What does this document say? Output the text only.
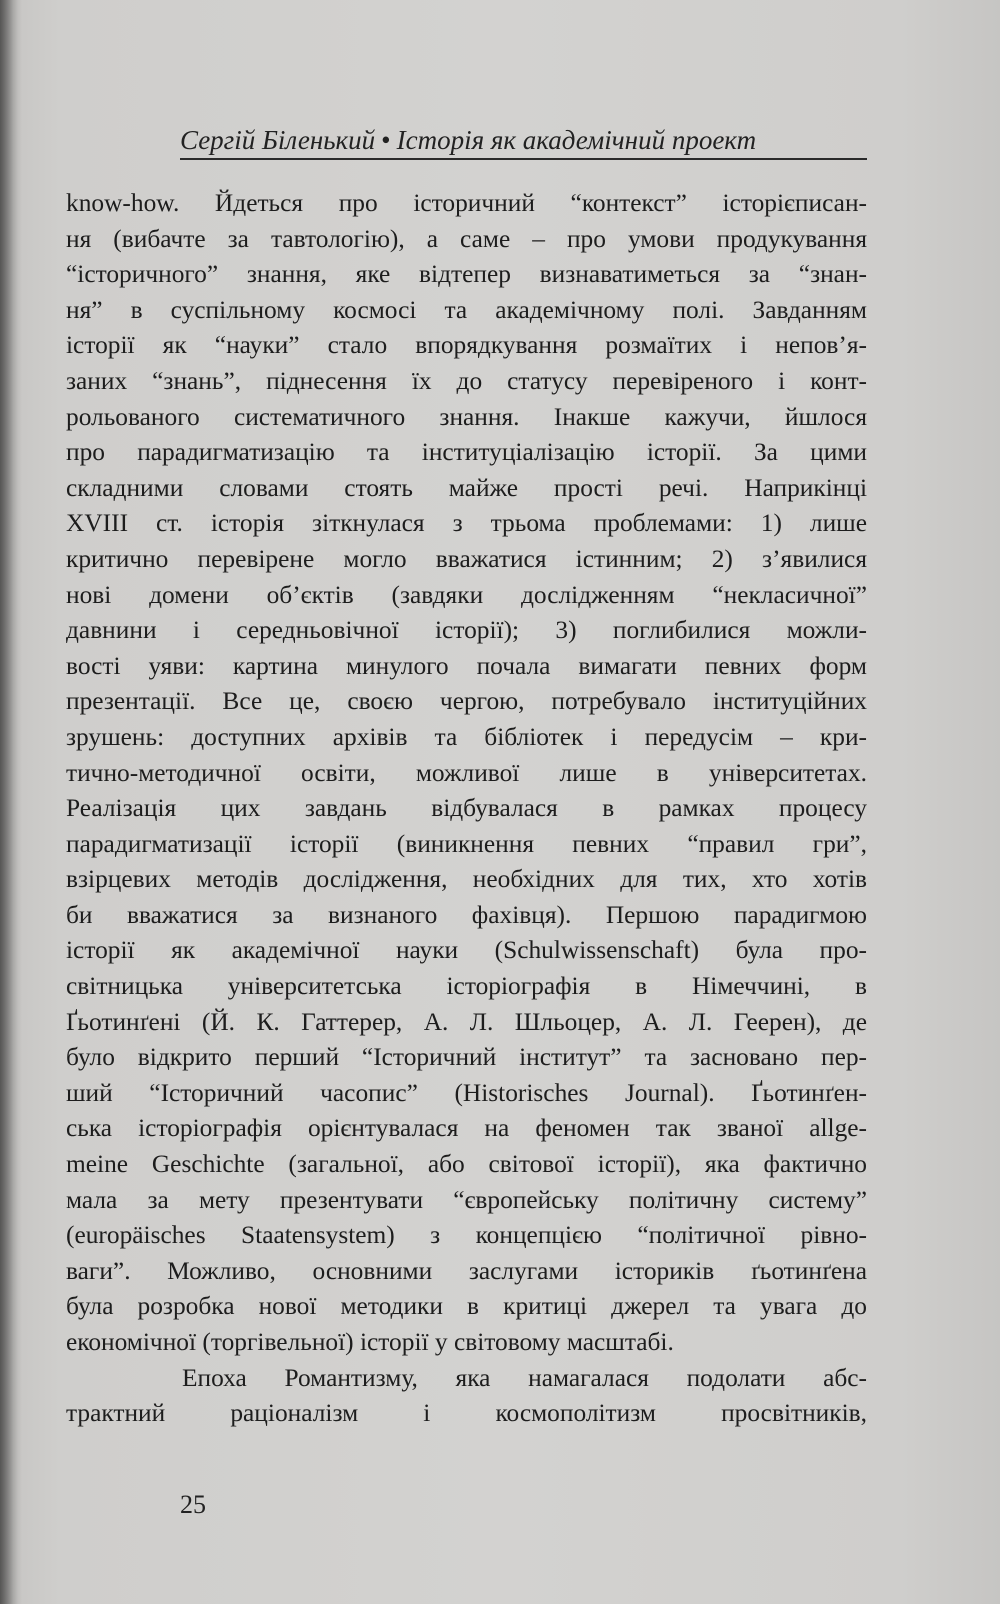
Сергій Біленький • Історія як академічний проект
know-how. Йдеться про історичний “контекст” історієписан-
ня (вибачте за тавтологію), а саме – про умови продукування
“історичного” знання, яке відтепер визнаватиметься за “знан-
ня” в суспільному космосі та академічному полі. Завданням
історії як “науки” стало впорядкування розмаїтих і непов’я-
заних “знань”, піднесення їх до статусу перевіреного і конт-
рольованого систематичного знання. Інакше кажучи, йшлося
про парадигматизацію та інституціалізацію історії. За цими
складними словами стоять майже прості речі. Наприкінці
XVIII ст. історія зіткнулася з трьома проблемами: 1) лише
критично перевірене могло вважатися істинним; 2) з’явилися
нові домени об’єктів (завдяки дослідженням “некласичної”
давнини і середньовічної історії); 3) поглибилися можли-
вості уяви: картина минулого почала вимагати певних форм
презентації. Все це, своєю чергою, потребувало інституційних
зрушень: доступних архівів та бібліотек і передусім – кри-
тично-методичної освіти, можливої лише в університетах.
Реалізація цих завдань відбувалася в рамках процесу
парадигматизації історії (виникнення певних “правил гри”,
взірцевих методів дослідження, необхідних для тих, хто хотів
би вважатися за визнаного фахівця). Першою парадигмою
історії як академічної науки (Schulwissenschaft) була про-
світницька університетська історіографія в Німеччині, в
Ґьотинґені (Й. К. Гаттерер, А. Л. Шльоцер, А. Л. Геерен), де
було відкрито перший “Історичний інститут” та засновано пер-
ший “Історичний часопис” (Historisches Journal). Ґьотинґен-
ська історіографія орієнтувалася на феномен так званої allge-
meine Geschichte (загальної, або світової історії), яка фактично
мала за мету презентувати “європейську політичну систему”
(europäisches Staatensystem) з концепцією “політичної рівно-
ваги”. Можливо, основними заслугами істориків ґьотинґена
була розробка нової методики в критиці джерел та увага до
економічної (торгівельної) історії у світовому масштабі.
Епоха Романтизму, яка намагалася подолати абс-
трактний раціоналізм і космополітизм просвітників,
25
